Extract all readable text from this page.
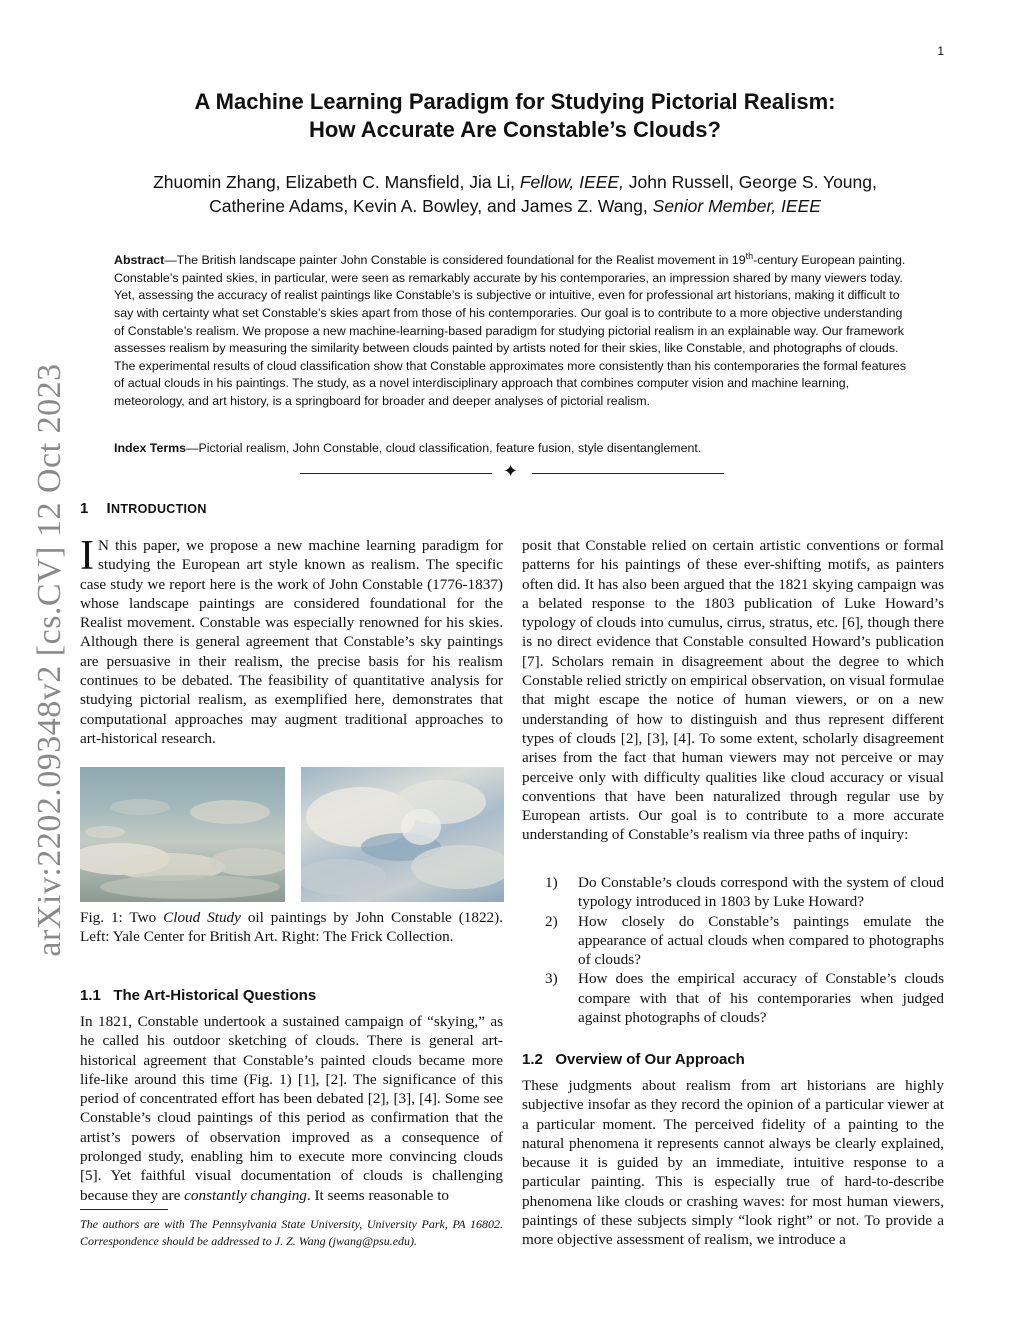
1
arXiv:2202.09348v2 [cs.CV] 12 Oct 2023
A Machine Learning Paradigm for Studying Pictorial Realism:
How Accurate Are Constable’s Clouds?
Zhuomin Zhang, Elizabeth C. Mansfield, Jia Li, Fellow, IEEE, John Russell, George S. Young,
Catherine Adams, Kevin A. Bowley, and James Z. Wang, Senior Member, IEEE
Abstract—The British landscape painter John Constable is considered foundational for the Realist movement in 19th-century European painting. Constable’s painted skies, in particular, were seen as remarkably accurate by his contemporaries, an impression shared by many viewers today. Yet, assessing the accuracy of realist paintings like Constable’s is subjective or intuitive, even for professional art historians, making it difficult to say with certainty what set Constable’s skies apart from those of his contemporaries. Our goal is to contribute to a more objective understanding of Constable’s realism. We propose a new machine-learning-based paradigm for studying pictorial realism in an explainable way. Our framework assesses realism by measuring the similarity between clouds painted by artists noted for their skies, like Constable, and photographs of clouds. The experimental results of cloud classification show that Constable approximates more consistently than his contemporaries the formal features of actual clouds in his paintings. The study, as a novel interdisciplinary approach that combines computer vision and machine learning, meteorology, and art history, is a springboard for broader and deeper analyses of pictorial realism.
Index Terms—Pictorial realism, John Constable, cloud classification, feature fusion, style disentanglement.
✦
1 INTRODUCTION
I N this paper, we propose a new machine learning paradigm for studying the European art style known as realism. The specific case study we report here is the work of John Constable (1776-1837) whose landscape paintings are considered foundational for the Realist movement. Constable was especially renowned for his skies. Although there is general agreement that Constable’s sky paintings are persuasive in their realism, the precise basis for his realism continues to be debated. The feasibility of quantitative analysis for studying pictorial realism, as exemplified here, demonstrates that computational approaches may augment traditional approaches to art-historical research.
Fig. 1: Two Cloud Study oil paintings by John Constable (1822). Left: Yale Center for British Art. Right: The Frick Collection.
1.1   The Art-Historical Questions
In 1821, Constable undertook a sustained campaign of “skying,” as he called his outdoor sketching of clouds. There is general art-historical agreement that Constable’s painted clouds became more life-like around this time (Fig. 1) [1], [2]. The significance of this period of concentrated effort has been debated [2], [3], [4]. Some see Constable’s cloud paintings of this period as confirmation that the artist’s powers of observation improved as a consequence of prolonged study, enabling him to execute more convincing clouds [5]. Yet faithful visual documentation of clouds is challenging because they are constantly changing. It seems reasonable to
The authors are with The Pennsylvania State University, University Park, PA 16802. Correspondence should be addressed to J. Z. Wang (jwang@psu.edu).
posit that Constable relied on certain artistic conventions or formal patterns for his paintings of these ever-shifting motifs, as painters often did. It has also been argued that the 1821 skying campaign was a belated response to the 1803 publication of Luke Howard’s typology of clouds into cumulus, cirrus, stratus, etc. [6], though there is no direct evidence that Constable consulted Howard’s publication [7]. Scholars remain in disagreement about the degree to which Constable relied strictly on empirical observation, on visual formulae that might escape the notice of human viewers, or on a new understanding of how to distinguish and thus represent different types of clouds [2], [3], [4]. To some extent, scholarly disagreement arises from the fact that human viewers may not perceive or may perceive only with difficulty qualities like cloud accuracy or visual conventions that have been naturalized through regular use by European artists. Our goal is to contribute to a more accurate understanding of Constable’s realism via three paths of inquiry:
1) Do Constable’s clouds correspond with the system of cloud typology introduced in 1803 by Luke Howard?
2) How closely do Constable’s paintings emulate the appearance of actual clouds when compared to photographs of clouds?
3) How does the empirical accuracy of Constable’s clouds compare with that of his contemporaries when judged against photographs of clouds?
1.2   Overview of Our Approach
These judgments about realism from art historians are highly subjective insofar as they record the opinion of a particular viewer at a particular moment. The perceived fidelity of a painting to the natural phenomena it represents cannot always be clearly explained, because it is guided by an immediate, intuitive response to a particular painting. This is especially true of hard-to-describe phenomena like clouds or crashing waves: for most human viewers, paintings of these subjects simply “look right” or not. To provide a more objective assessment of realism, we introduce a
